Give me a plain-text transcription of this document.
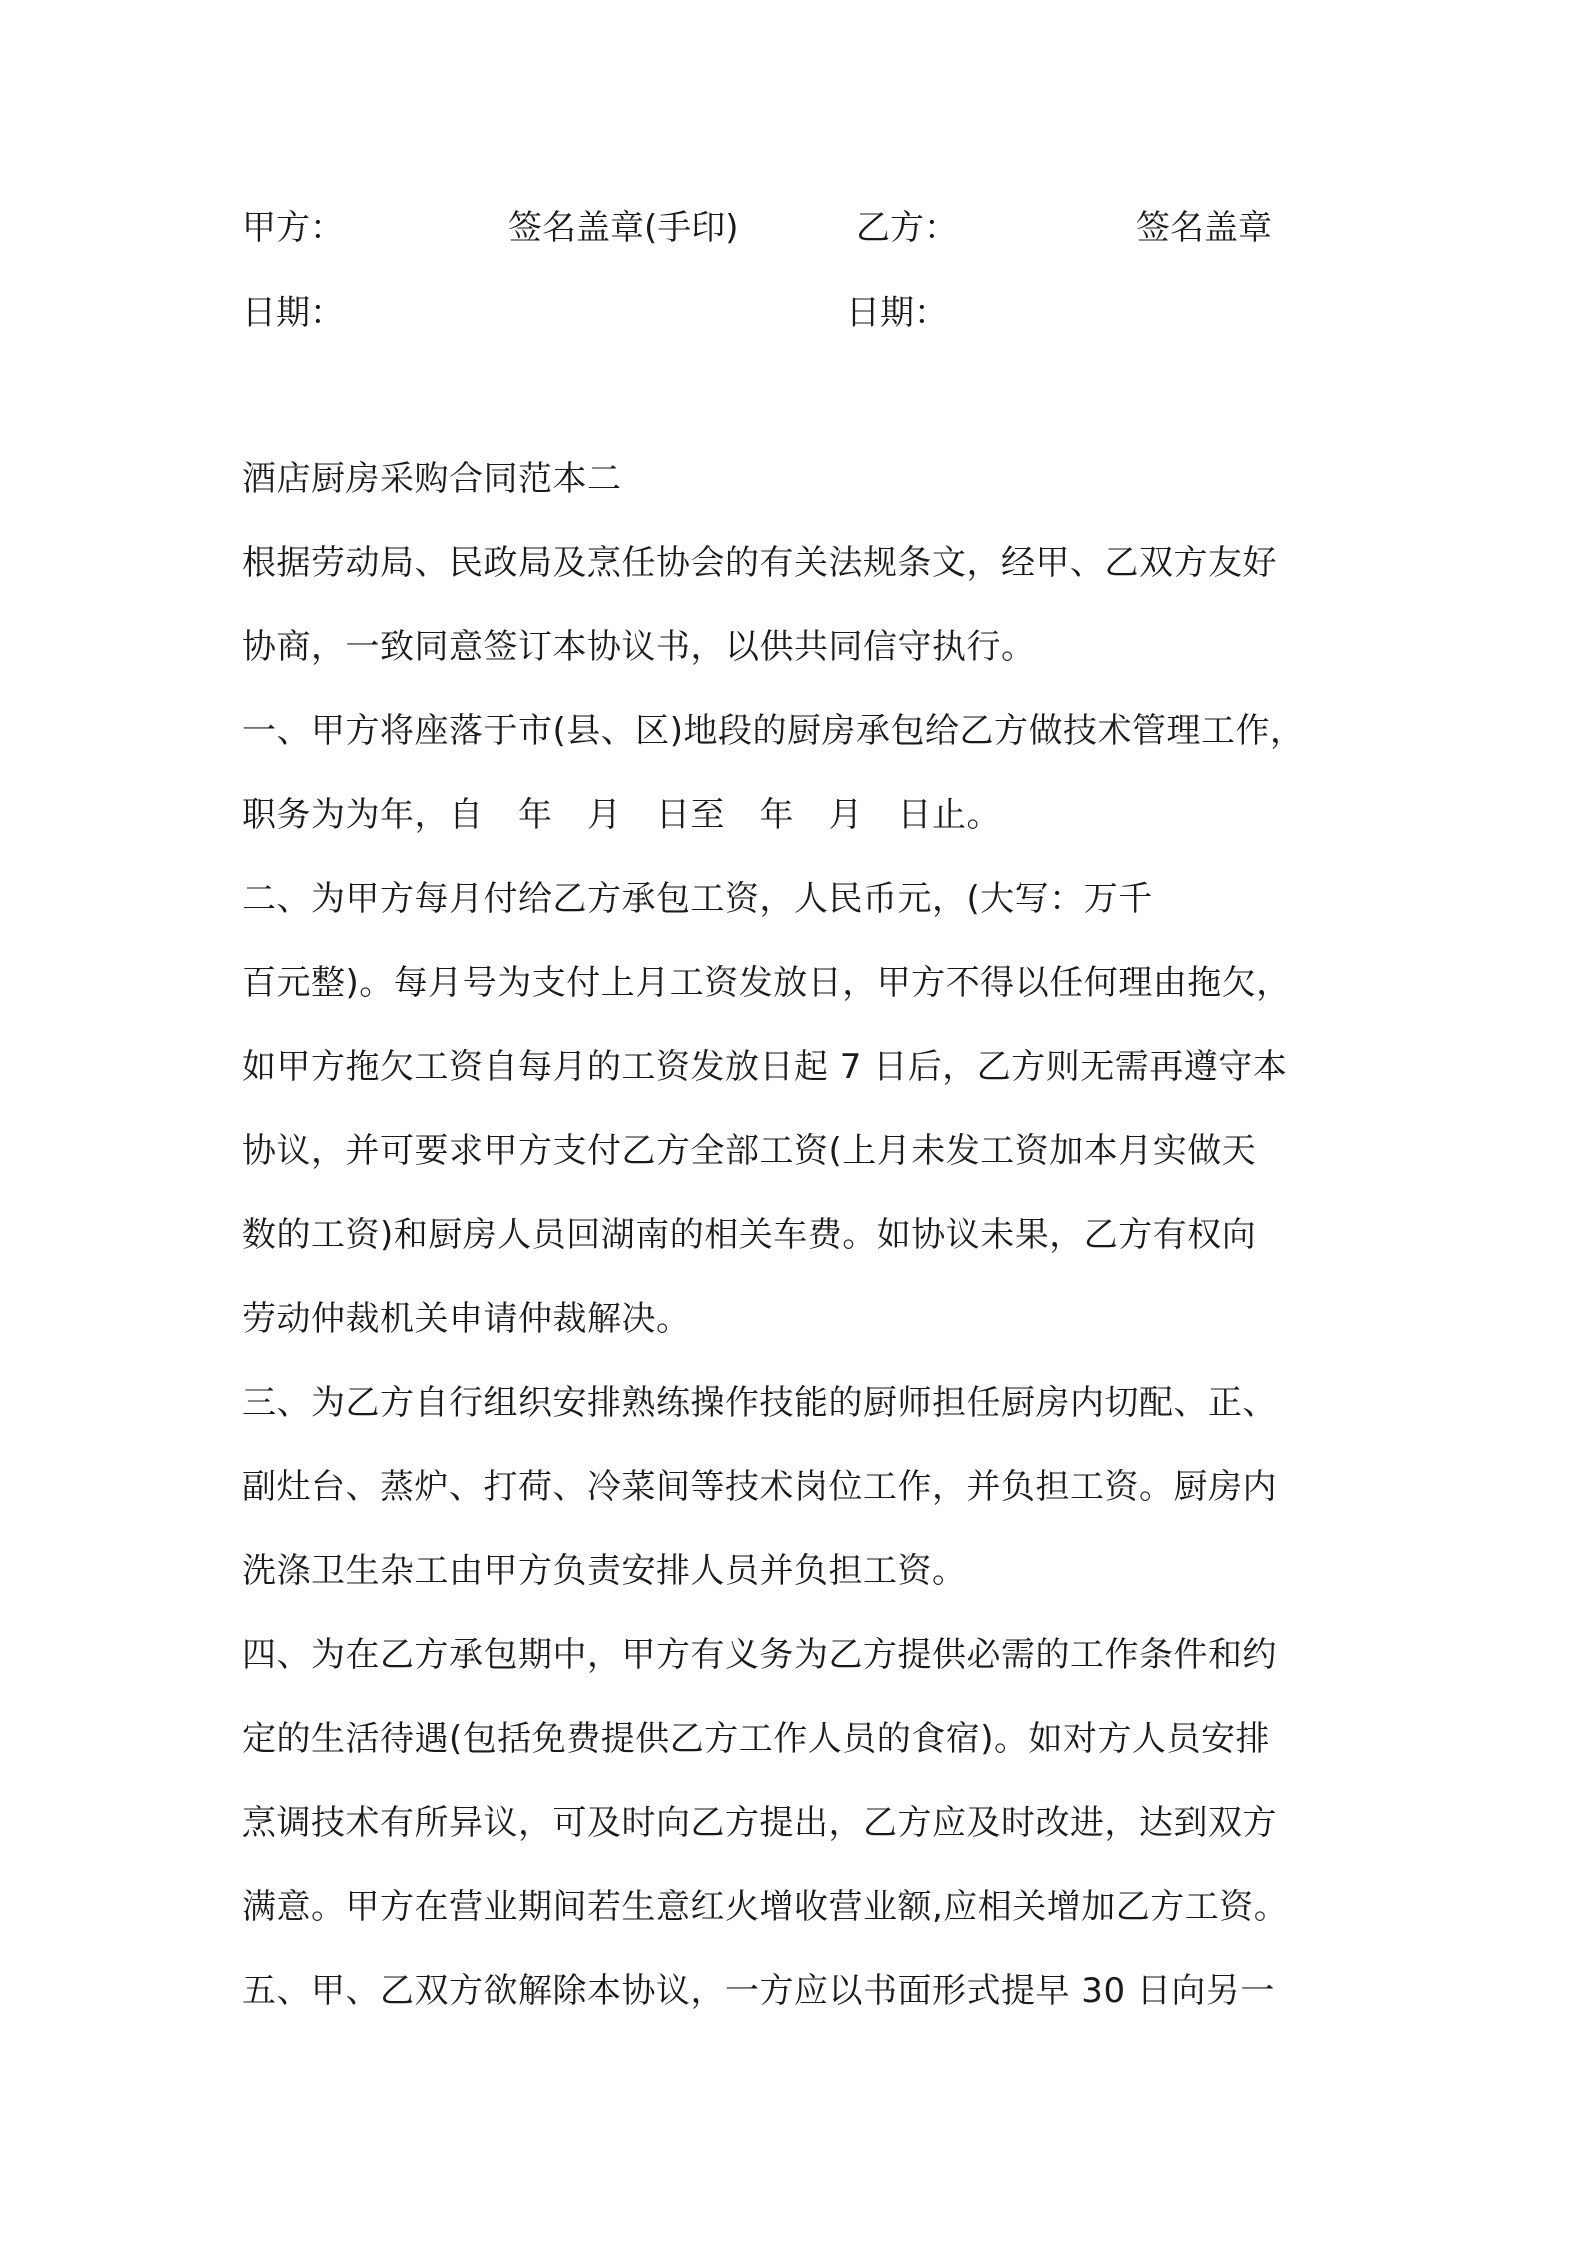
甲方：	签名盖章(手印)	乙方：	签名盖章
日期：	日期：
酒店厨房采购合同范本二
根据劳动局、民政局及烹任协会的有关法规条文，经甲、乙双方友好
协商，一致同意签订本协议书，以供共同信守执行。
一、甲方将座落于市(县、区)地段的厨房承包给乙方做技术管理工作，
职务为为年，自　年　月　日至　年　月　日止。
二、为甲方每月付给乙方承包工资，人民币元，(大写：万千
百元整)。每月号为支付上月工资发放日，甲方不得以任何理由拖欠，
如甲方拖欠工资自每月的工资发放日起 7 日后，乙方则无需再遵守本
协议，并可要求甲方支付乙方全部工资(上月未发工资加本月实做天
数的工资)和厨房人员回湖南的相关车费。如协议未果，乙方有权向
劳动仲裁机关申请仲裁解决。
三、为乙方自行组织安排熟练操作技能的厨师担任厨房内切配、正、
副灶台、蒸炉、打荷、冷菜间等技术岗位工作，并负担工资。厨房内
洗涤卫生杂工由甲方负责安排人员并负担工资。
四、为在乙方承包期中，甲方有义务为乙方提供必需的工作条件和约
定的生活待遇(包括免费提供乙方工作人员的食宿)。如对方人员安排
烹调技术有所异议，可及时向乙方提出，乙方应及时改进，达到双方
满意。甲方在营业期间若生意红火增收营业额,应相关增加乙方工资。
五、甲、乙双方欲解除本协议，一方应以书面形式提早 30 日向另一
